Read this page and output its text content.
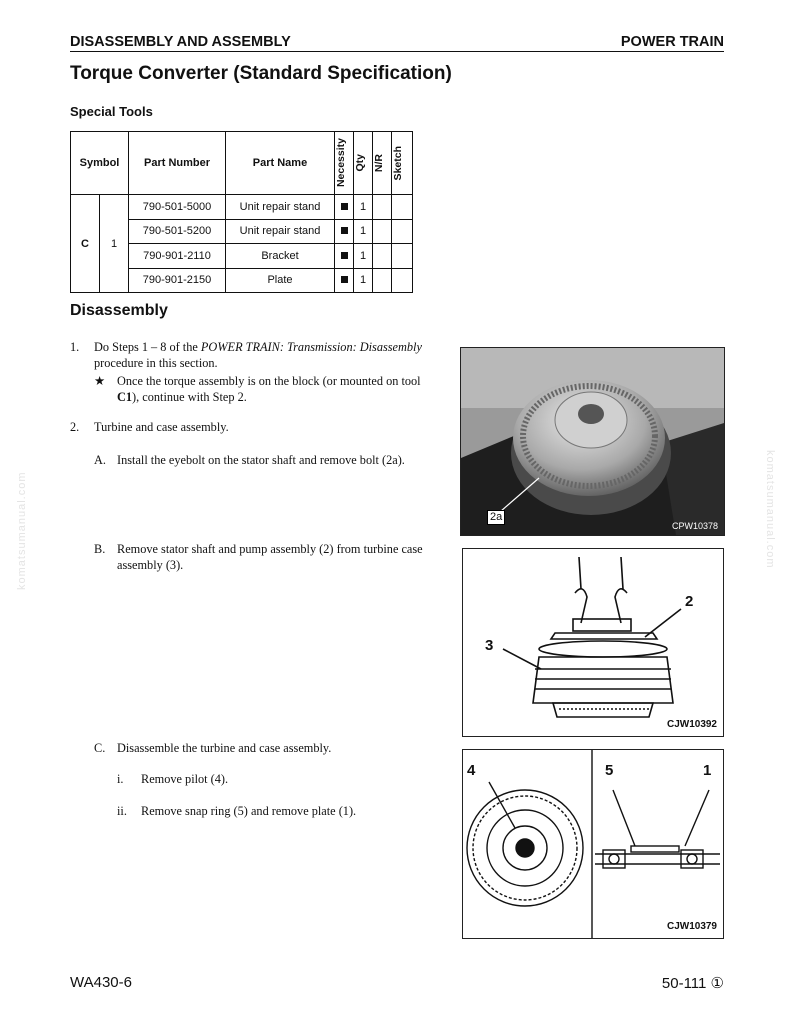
DISASSEMBLY AND ASSEMBLY	POWER TRAIN
Torque Converter (Standard Specification)
Special Tools
Symbol		Part Number	Part Name	Necessity	Qty	N/R	Sketch

C	1	790-501-5000	Unit repair stand		1		
		790-501-5200	Unit repair stand		1		
		790-901-2110	Bracket		1		
		790-901-2150	Plate		1		
Disassembly
1. Do Steps 1 – 8 of the POWER TRAIN: Transmission: Disassembly
procedure in this section.
★ Once the torque assembly is on the block (or mounted on tool
C1), continue with Step 2.
2. Turbine and case assembly.
A. Install the eyebolt on the stator shaft and remove bolt (2a).
B. Remove stator shaft and pump assembly (2) from turbine case
assembly (3).
C. Disassemble the turbine and case assembly.
i. Remove pilot (4).
ii. Remove snap ring (5) and remove plate (1).
2a
CPW10378
2
3
CJW10392
4	5	1
CJW10379
komatsumanual.com	komatsumanual.com
WA430-6	50-111 ①
